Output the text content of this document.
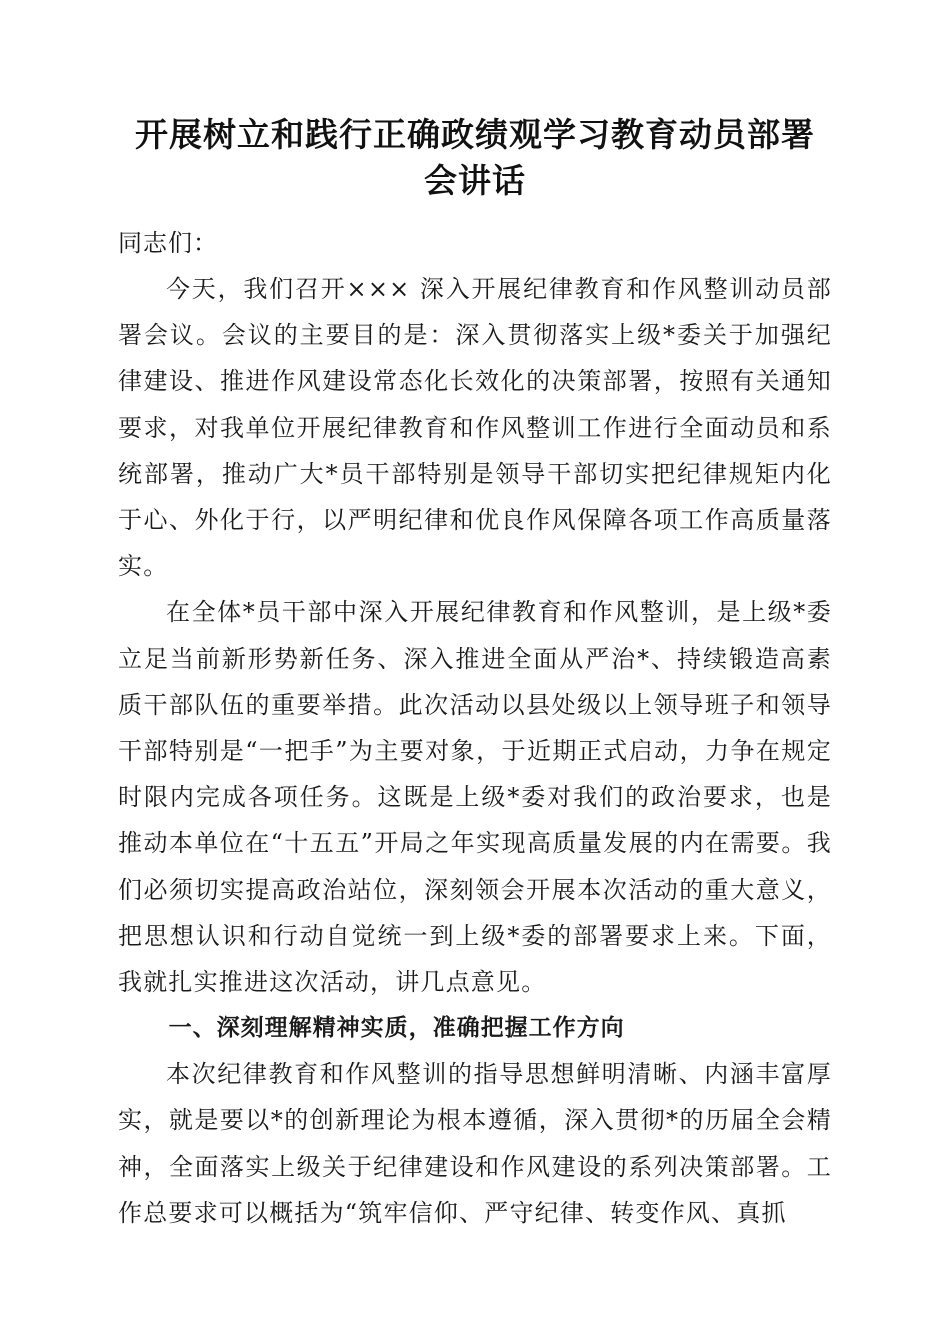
开展树立和践行正确政绩观学习教育动员部署
会讲话

同志们：

今天，我们召开××× 深入开展纪律教育和作风整训动员部署会议。会议的主要目的是：深入贯彻落实上级*委关于加强纪律建设、推进作风建设常态化长效化的决策部署，按照有关通知要求，对我单位开展纪律教育和作风整训工作进行全面动员和系统部署，推动广大*员干部特别是领导干部切实把纪律规矩内化于心、外化于行，以严明纪律和优良作风保障各项工作高质量落实。

在全体*员干部中深入开展纪律教育和作风整训，是上级*委立足当前新形势新任务、深入推进全面从严治*、持续锻造高素质干部队伍的重要举措。此次活动以县处级以上领导班子和领导干部特别是“一把手”为主要对象，于近期正式启动，力争在规定时限内完成各项任务。这既是上级*委对我们的政治要求，也是推动本单位在“十五五”开局之年实现高质量发展的内在需要。我们必须切实提高政治站位，深刻领会开展本次活动的重大意义，把思想认识和行动自觉统一到上级*委的部署要求上来。下面，我就扎实推进这次活动，讲几点意见。

一、深刻理解精神实质，准确把握工作方向

本次纪律教育和作风整训的指导思想鲜明清晰、内涵丰富厚实，就是要以*的创新理论为根本遵循，深入贯彻*的历届全会精神，全面落实上级关于纪律建设和作风建设的系列决策部署。工作总要求可以概括为“筑牢信仰、严守纪律、转变作风、真抓
